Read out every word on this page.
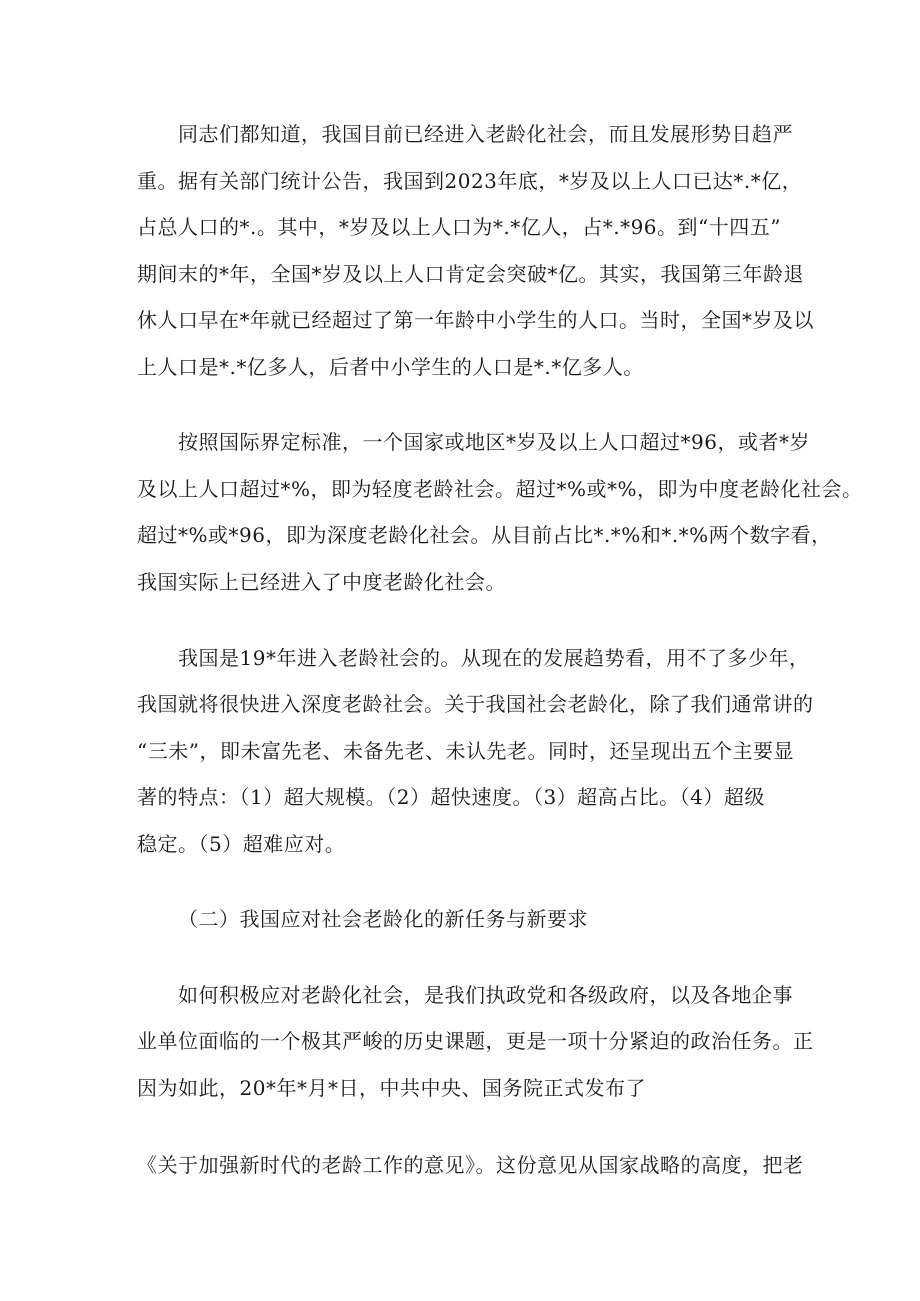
同志们都知道，我国目前已经进入老龄化社会，而且发展形势日趋严
重。据有关部门统计公告，我国到2023年底，*岁及以上人口已达*.*亿，
占总人口的*.。其中，*岁及以上人口为*.*亿人，占*.*96。到“十四五”
期间末的*年，全国*岁及以上人口肯定会突破*亿。其实，我国第三年龄退
休人口早在*年就已经超过了第一年龄中小学生的人口。当时，全国*岁及以
上人口是*.*亿多人，后者中小学生的人口是*.*亿多人。
按照国际界定标准，一个国家或地区*岁及以上人口超过*96，或者*岁
及以上人口超过*%，即为轻度老龄社会。超过*%或*%，即为中度老龄化社会。
超过*%或*96，即为深度老龄化社会。从目前占比*.*%和*.*%两个数字看，
我国实际上已经进入了中度老龄化社会。
我国是19*年进入老龄社会的。从现在的发展趋势看，用不了多少年，
我国就将很快进入深度老龄社会。关于我国社会老龄化，除了我们通常讲的
“三未”，即未富先老、未备先老、未认先老。同时，还呈现出五个主要显
著的特点：（1）超大规模。（2）超快速度。（3）超高占比。（4）超级
稳定。（5）超难应对。
（二）我国应对社会老龄化的新任务与新要求
如何积极应对老龄化社会，是我们执政党和各级政府，以及各地企事
业单位面临的一个极其严峻的历史课题，更是一项十分紧迫的政治任务。正
因为如此，20*年*月*日，中共中央、国务院正式发布了
《关于加强新时代的老龄工作的意见》。这份意见从国家战略的高度，把老
